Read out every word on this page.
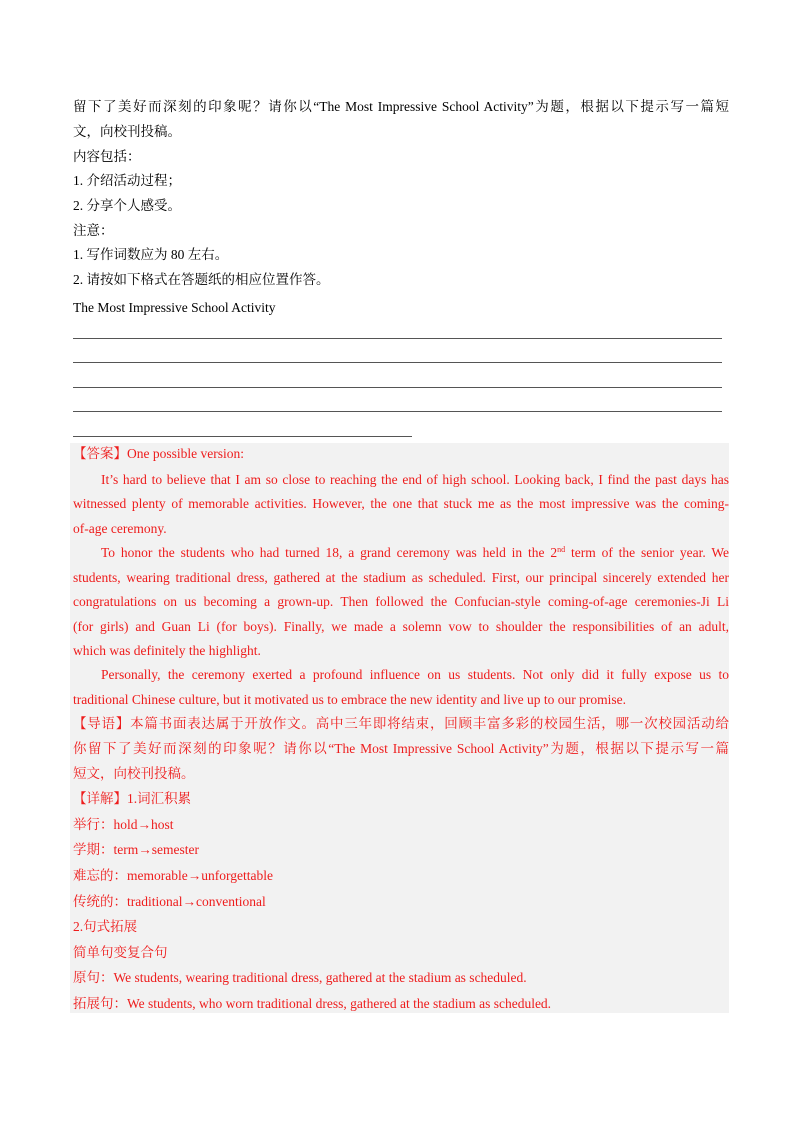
留下了美好而深刻的印象呢？请你以“The Most Impressive School Activity”为题，根据以下提示写一篇短
文，向校刊投稿。
内容包括：
1. 介绍活动过程；
2. 分享个人感受。
注意：
1. 写作词数应为 80 左右。
2. 请按如下格式在答题纸的相应位置作答。
The Most Impressive School Activity
【答案】One possible version:
It’s hard to believe that I am so close to reaching the end of high school. Looking back, I find the past days has
witnessed plenty of memorable activities. However, the one that stuck me as the most impressive was the coming-
of-age ceremony.
To honor the students who had turned 18, a grand ceremony was held in the 2nd term of the senior year. We
students, wearing traditional dress, gathered at the stadium as scheduled. First, our principal sincerely extended her
congratulations on us becoming a grown-up. Then followed the Confucian-style coming-of-age ceremonies-Ji Li
(for girls) and Guan Li (for boys). Finally, we made a solemn vow to shoulder the responsibilities of an adult,
which was definitely the highlight.
Personally, the ceremony exerted a profound influence on us students. Not only did it fully expose us to
traditional Chinese culture, but it motivated us to embrace the new identity and live up to our promise.
【导语】本篇书面表达属于开放作文。高中三年即将结束，回顾丰富多彩的校园生活，哪一次校园活动给
你留下了美好而深刻的印象呢？请你以“The Most Impressive School Activity”为题，根据以下提示写一篇
短文，向校刊投稿。
【详解】1.词汇积累
举行：hold→host
学期：term→semester
难忘的：memorable→unforgettable
传统的：traditional→conventional
2.句式拓展
简单句变复合句
原句：We students, wearing traditional dress, gathered at the stadium as scheduled.
拓展句：We students, who worn traditional dress, gathered at the stadium as scheduled.
